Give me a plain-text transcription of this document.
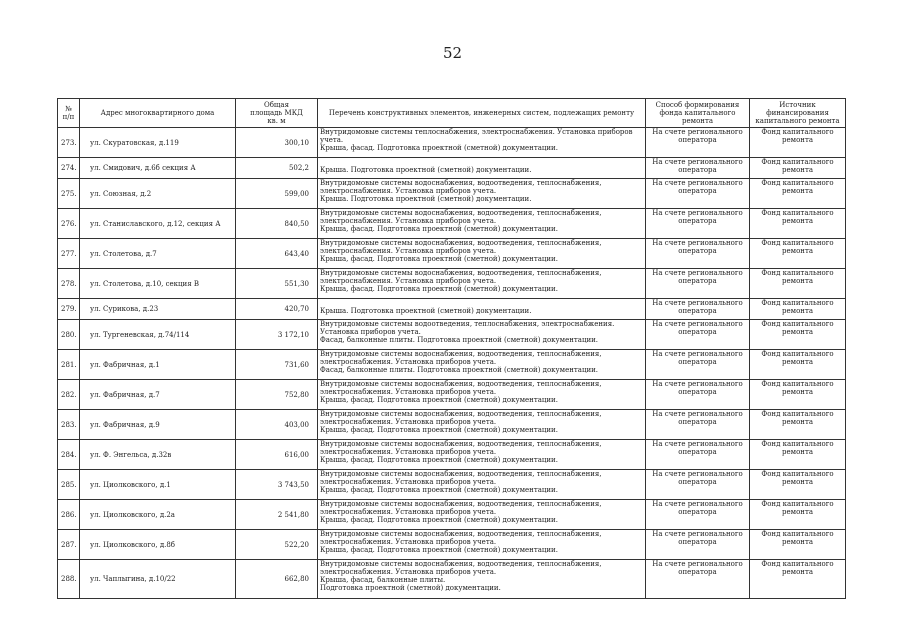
52
№
п/п	Адрес многоквартирного дома	Общая
площадь МКД
кв. м	Перечень конструктивных элементов, инженерных систем, подлежащих ремонту	Способ формирования
фонда капитального
ремонта	Источник
финансирования
капитального ремонта

273.	ул. Скуратовская, д.119	300,10	Внутридомовые системы теплоснабжения, электроснабжения. Установка приборов
учета.
Крыша, фасад. Подготовка проектной (сметной) документации.	На счете регионального
оператора	Фонд капитального
ремонта

274.	ул. Смидович, д.6б секция А	502,2	Крыша. Подготовка проектной (сметной) документации.	На счете регионального
оператора	Фонд капитального
ремонта

275.	ул. Союзная, д.2	599,00	Внутридомовые системы водоснабжения, водоотведения, теплоснабжения,
электроснабжения. Установка приборов учета.
Крыша. Подготовка проектной (сметной) документации.	На счете регионального
оператора	Фонд капитального
ремонта

276.	ул. Станиславского, д.12, секция А	840,50	Внутридомовые системы водоснабжения, водоотведения, теплоснабжения,
электроснабжения. Установка приборов учета.
Крыша, фасад. Подготовка проектной (сметной) документации.	На счете регионального
оператора	Фонд капитального
ремонта

277.	ул. Столетова, д.7	643,40	Внутридомовые системы водоснабжения, водоотведения, теплоснабжения,
электроснабжения. Установка приборов учета.
Крыша, фасад. Подготовка проектной (сметной) документации.	На счете регионального
оператора	Фонд капитального
ремонта

278.	ул. Столетова, д.10, секция В	551,30	Внутридомовые системы водоснабжения, водоотведения, теплоснабжения,
электроснабжения. Установка приборов учета.
Крыша, фасад. Подготовка проектной (сметной) документации.	На счете регионального
оператора	Фонд капитального
ремонта

279.	ул. Сурикова, д.23	420,70	Крыша. Подготовка проектной (сметной) документации.	На счете регионального
оператора	Фонд капитального
ремонта

280.	ул. Тургеневская, д.74/114	3 172,10	Внутридомовые системы водоотведения, теплоснабжения, электроснабжения.
Установка приборов учета.
Фасад, балконные плиты. Подготовка проектной (сметной) документации.	На счете регионального
оператора	Фонд капитального
ремонта

281.	ул. Фабричная, д.1	731,60	Внутридомовые системы водоснабжения, водоотведения, теплоснабжения,
электроснабжения. Установка приборов учета.
Фасад, балконные плиты. Подготовка проектной (сметной) документации.	На счете регионального
оператора	Фонд капитального
ремонта

282.	ул. Фабричная, д.7	752,80	Внутридомовые системы водоснабжения, водоотведения, теплоснабжения,
электроснабжения. Установка приборов учета.
Крыша, фасад. Подготовка проектной (сметной) документации.	На счете регионального
оператора	Фонд капитального
ремонта

283.	ул. Фабричная, д.9	403,00	Внутридомовые системы водоснабжения, водоотведения, теплоснабжения,
электроснабжения. Установка приборов учета.
Крыша, фасад. Подготовка проектной (сметной) документации.	На счете регионального
оператора	Фонд капитального
ремонта

284.	ул. Ф. Энгельса, д.32в	616,00	Внутридомовые системы водоснабжения, водоотведения, теплоснабжения,
электроснабжения. Установка приборов учета.
Крыша, фасад. Подготовка проектной (сметной) документации.	На счете регионального
оператора	Фонд капитального
ремонта

285.	ул. Циолковского, д.1	3 743,50	Внутридомовые системы водоснабжения, водоотведения, теплоснабжения,
электроснабжения. Установка приборов учета.
Крыша, фасад. Подготовка проектной (сметной) документации.	На счете регионального
оператора	Фонд капитального
ремонта

286.	ул. Циолковского, д.2а	2 541,80	Внутридомовые системы водоснабжения, водоотведения, теплоснабжения,
электроснабжения. Установка приборов учета.
Крыша, фасад. Подготовка проектной (сметной) документации.	На счете регионального
оператора	Фонд капитального
ремонта

287.	ул. Циолковского, д.8б	522,20	Внутридомовые системы водоснабжения, водоотведения, теплоснабжения,
электроснабжения. Установка приборов учета.
Крыша, фасад. Подготовка проектной (сметной) документации.	На счете регионального
оператора	Фонд капитального
ремонта

288.	ул. Чаплыгина, д.10/22	662,80	Внутридомовые системы водоснабжения, водоотведения, теплоснабжения,
электроснабжения. Установка приборов учета.
Крыша, фасад, балконные плиты.
Подготовка проектной (сметной) документации.	На счете регионального
оператора	Фонд капитального
ремонта
